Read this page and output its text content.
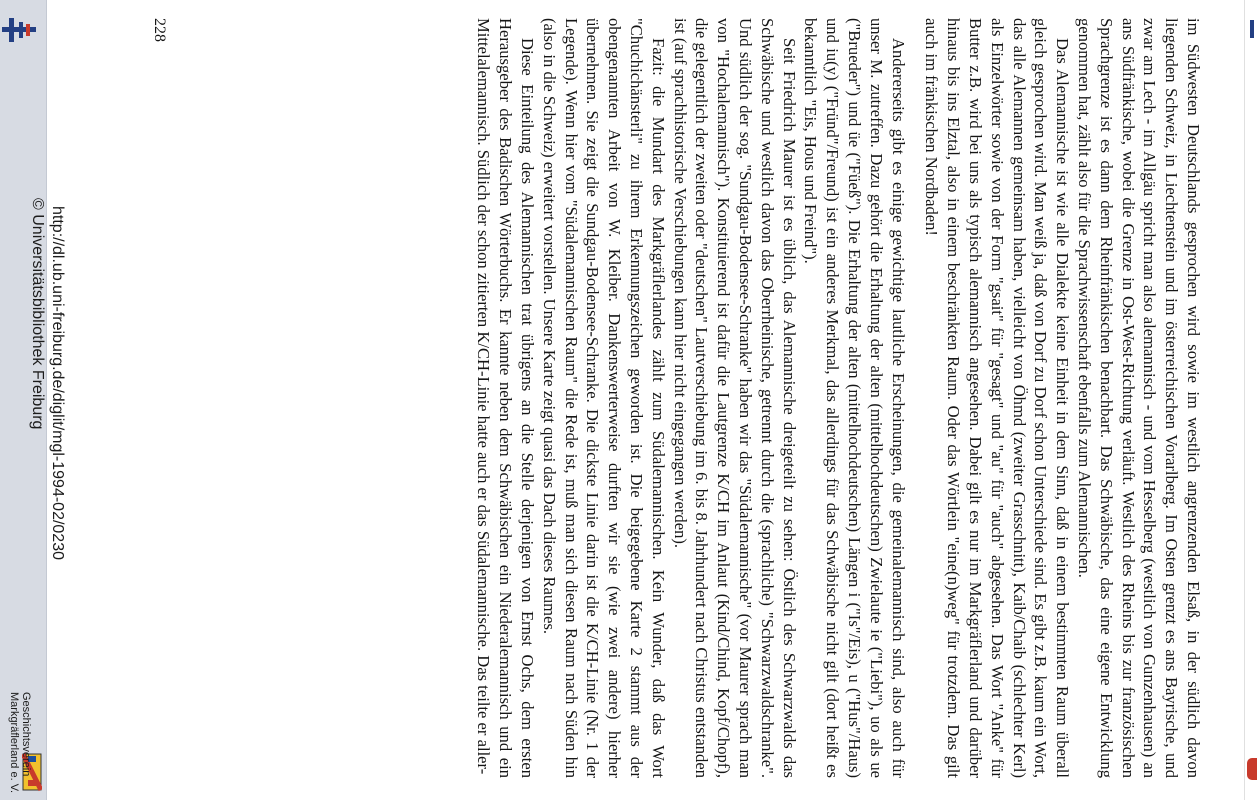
im Südwesten Deutschlands gesprochen wird sowie im westlich angrenzenden Elsaß, in der südlich davon liegenden Schweiz, in Liechtenstein und im österreichischen Vorarlberg. Im Osten grenzt es ans Bayrische, und zwar am Lech - im Allgäu spricht man also alemannisch - und vom Hesselberg (westlich von Gunzenhausen) an ans Südfränkische, wobei die Grenze in Ost-West-Richtung verläuft. Westlich des Rheins bis zur französischen Sprachgrenze ist es dann dem Rheinfränkischen benachbart. Das Schwäbische, das eine eigene Entwicklung genommen hat, zählt also für die Sprachwissenschaft ebenfalls zum Alemannischen.

Das Alemannische ist wie alle Dialekte keine Einheit in dem Sinn, daß in einem bestimmten Raum überall gleich gesprochen wird. Man weiß ja, daß von Dorf zu Dorf schon Unterschiede sind. Es gibt z.B. kaum ein Wort, das alle Alemannen gemeinsam haben, vielleicht von Öhmd (zweiter Grasschnitt), Kaib/Chaib (schlechter Kerl) als Einzelwörter sowie von der Form "gsait" für "gesagt" und "au" für "auch" abgesehen. Das Wort "Anke" für Butter z.B. wird bei uns als typisch alemannisch angesehen. Dabei gilt es nur im Markgräflerland und darüber hinaus bis ins Elztal, also in einem beschränkten Raum. Oder das Wörtlein "eine(n)weg" für trotzdem. Das gilt auch im fränkischen Nordbaden!

Andererseits gibt es einige gewichtige lautliche Erscheinungen, die gemeinalemannisch sind, also auch für unser M. zutreffen. Dazu gehört die Erhaltung der alten (mittelhochdeutschen) Zwielaute ie ("Liebi"), uo als ue ("Brueder") und üe ("Füeß"). Die Erhaltung der alten (mittelhochdeutschen) Längen i ("Is"/Eis), u ("Hus"/Haus) und iu(y) ("Fründ"/Freund) ist ein anderes Merkmal, das allerdings für das Schwäbische nicht gilt (dort heißt es bekanntlich "Eis, Hous und Freind").

Seit Friedrich Maurer ist es üblich, das Alemannische dreigeteilt zu sehen: Östlich des Schwarzwalds das Schwäbische und westlich davon das Oberrheinische, getrennt durch die (sprachliche) "Schwarzwaldschranke". Und südlich der sog. "Sundgau-Bodensee-Schranke" haben wir das "Südalemannische" (vor Maurer sprach man von "Hochalemannisch"). Konstituierend ist dafür die Lautgrenze K/CH im Anlaut (Kind/Chind, Kopf/Chopf), die gelegentlich der zweiten oder "deutschen" Lautverschiebung im 6. bis 8. Jahrhundert nach Christus entstanden ist (auf sprachhistorische Verschiebungen kann hier nicht eingegangen werden).

Fazit: die Mundart des Markgräflerlandes zählt zum Südalemannischen. Kein Wunder, daß das Wort "Chuchichänsterli" zu ihrem Erkennungszeichen geworden ist. Die beigegebene Karte 2 stammt aus der obengenannten Arbeit von W. Kleiber. Dankenswerterweise durften wir sie (wie zwei andere) hierher übernehmen. Sie zeigt die Sundgau-Bodensee-Schranke. Die dickste Linie darin ist die K/CH-Linie (Nr. 1 der Legende). Wenn hier vom "Südalemannischen Raum" die Rede ist, muß man sich diesen Raum nach Süden hin (also in die Schweiz) erweitert vorstellen. Unsere Karte zeigt quasi das Dach dieses Raumes.

Diese Einteilung des Alemannischen trat übrigens an die Stelle derjenigen von Ernst Ochs, dem ersten Herausgeber des Badischen Wörterbuchs. Er kannte neben dem Schwäbischen ein Niederalemannisch und ein Mittelalemannisch. Südlich der schon zitierten K/CH-Linie hatte auch er das Südalemannische. Das teilte er aller-

228
http://dl.ub.uni-freiburg.de/diglit/mgl-1994-02/0230
© Universitätsbibliothek Freiburg
Geschichtsverein
Markgräflerland e. V.
